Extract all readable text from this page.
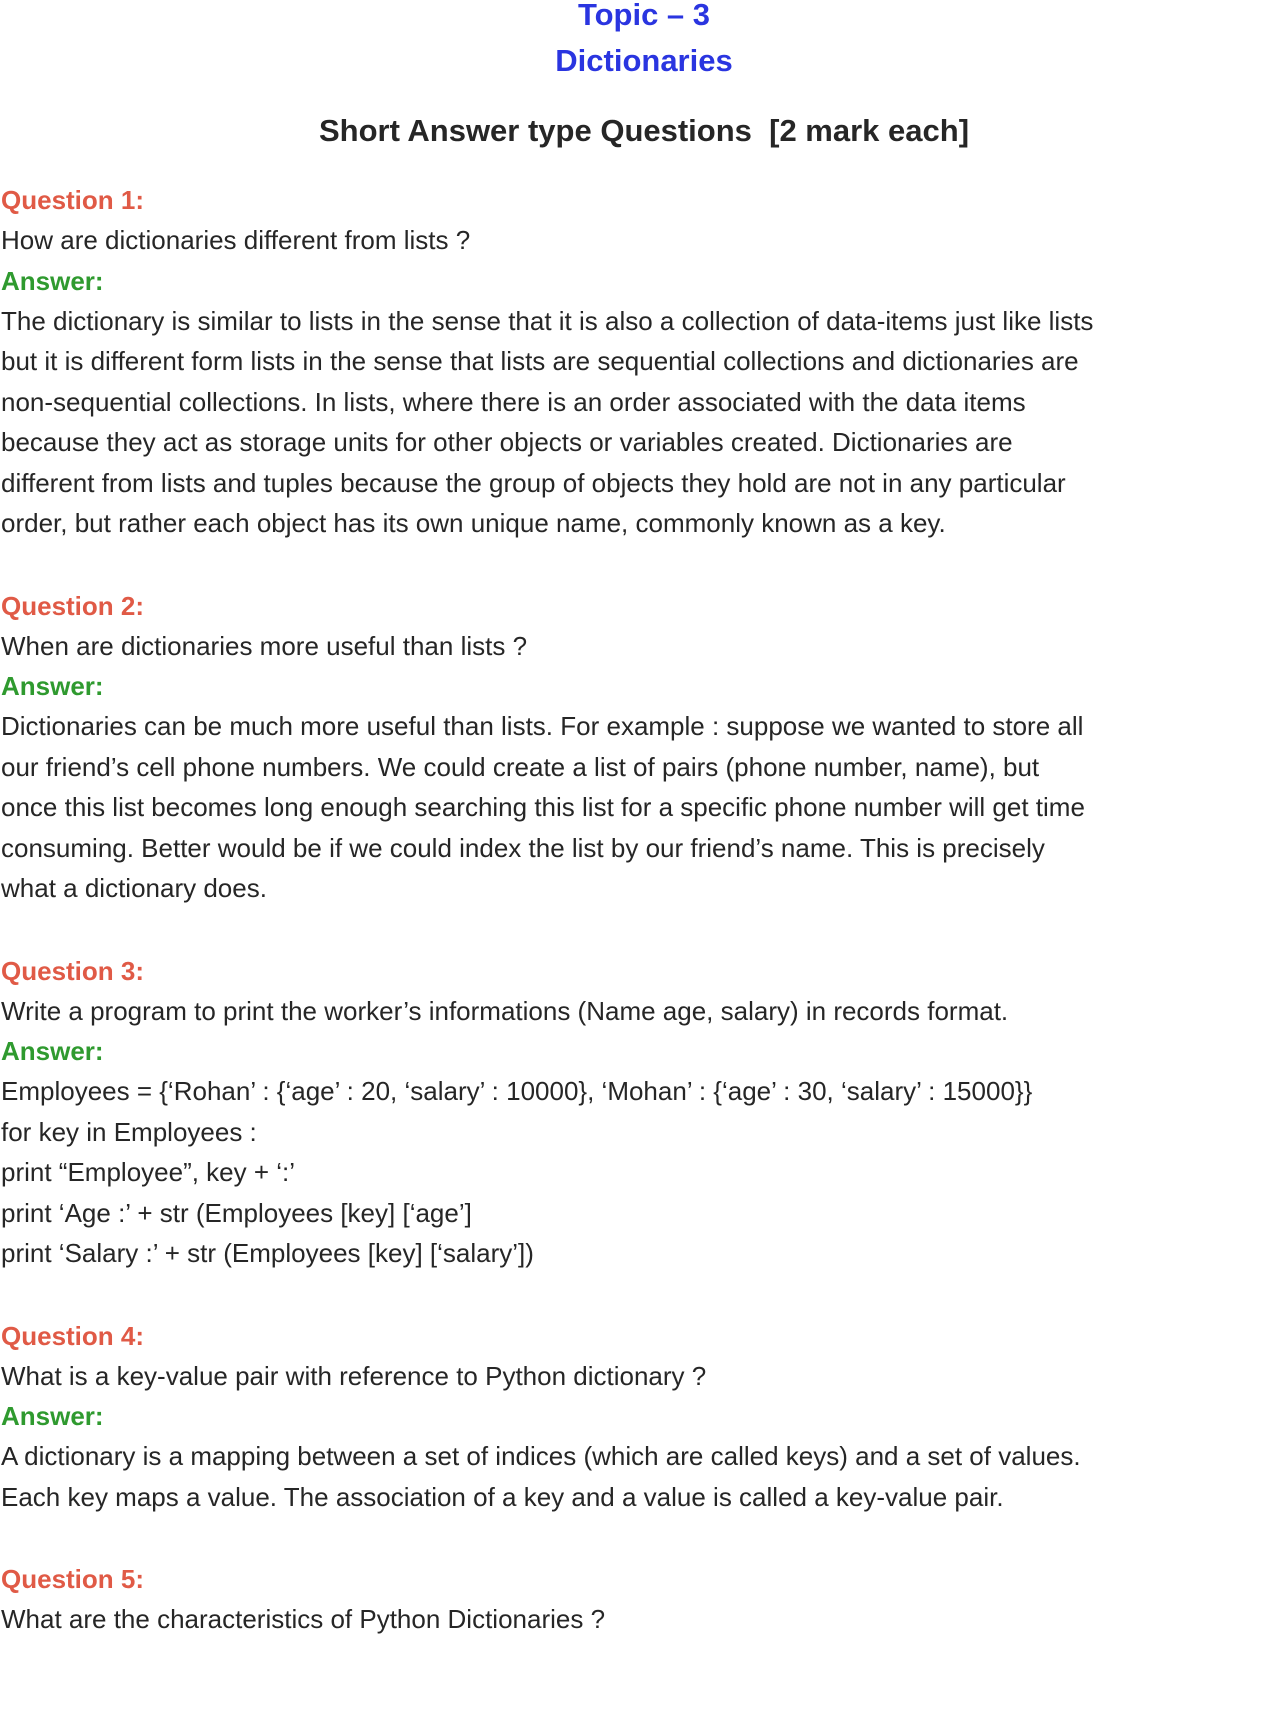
Topic – 3
Dictionaries
Short Answer type Questions  [2 mark each]
Question 1:
How are dictionaries different from lists ?
Answer:
The dictionary is similar to lists in the sense that it is also a collection of data-items just like lists
but it is different form lists in the sense that lists are sequential collections and dictionaries are
non-sequential collections. In lists, where there is an order associated with the data items
because they act as storage units for other objects or variables created. Dictionaries are
different from lists and tuples because the group of objects they hold are not in any particular
order, but rather each object has its own unique name, commonly known as a key.
Question 2:
When are dictionaries more useful than lists ?
Answer:
Dictionaries can be much more useful than lists. For example : suppose we wanted to store all
our friend’s cell phone numbers. We could create a list of pairs (phone number, name), but
once this list becomes long enough searching this list for a specific phone number will get time
consuming. Better would be if we could index the list by our friend’s name. This is precisely
what a dictionary does.
Question 3:
Write a program to print the worker’s informations (Name age, salary) in records format.
Answer:
Employees = {‘Rohan’ : {‘age’ : 20, ‘salary’ : 10000}, ‘Mohan’ : {‘age’ : 30, ‘salary’ : 15000}}
for key in Employees :
print “Employee”, key + ‘:’
print ‘Age :’ + str (Employees [key] [‘age’]
print ‘Salary :’ + str (Employees [key] [‘salary’])
Question 4:
What is a key-value pair with reference to Python dictionary ?
Answer:
A dictionary is a mapping between a set of indices (which are called keys) and a set of values.
Each key maps a value. The association of a key and a value is called a key-value pair.
Question 5:
What are the characteristics of Python Dictionaries ?
